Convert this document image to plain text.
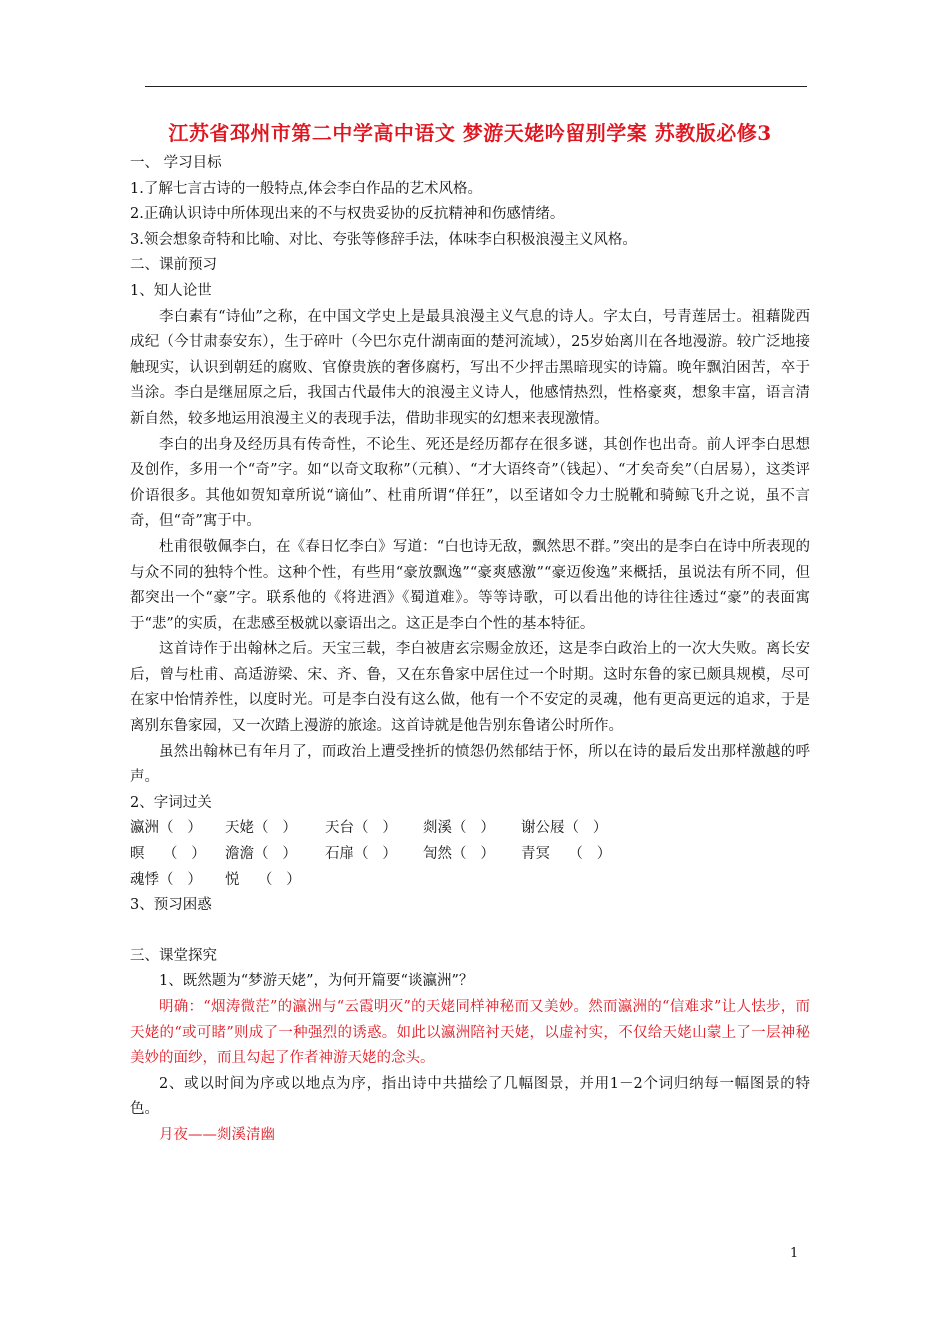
江苏省邳州市第二中学高中语文 梦游天姥吟留别学案 苏教版必修3

一、 学习目标

1.了解七言古诗的一般特点,体会李白作品的艺术风格。

2.正确认识诗中所体现出来的不与权贵妥协的反抗精神和伤感情绪。

3.领会想象奇特和比喻、对比、夸张等修辞手法，体味李白积极浪漫主义风格。

二、课前预习

1、知人论世

李白素有“诗仙”之称，在中国文学史上是最具浪漫主义气息的诗人。字太白，号青莲居士。祖藉陇西成纪（今甘肃泰安东），生于碎叶（今巴尔克什湖南面的楚河流域），25岁始离川在各地漫游。较广泛地接触现实，认识到朝廷的腐败、官僚贵族的奢侈腐朽，写出不少抨击黑暗现实的诗篇。晚年飘泊困苦，卒于当涂。李白是继屈原之后，我国古代最伟大的浪漫主义诗人，他感情热烈，性格豪爽，想象丰富，语言清新自然，较多地运用浪漫主义的表现手法，借助非现实的幻想来表现激情。

李白的出身及经历具有传奇性，不论生、死还是经历都存在很多谜，其创作也出奇。前人评李白思想及创作，多用一个“奇”字。如“以奇文取称”（元稹）、“才大语终奇”（钱起）、“才矣奇矣”（白居易），这类评价语很多。其他如贺知章所说“谪仙”、杜甫所谓“佯狂”，以至诸如令力士脱靴和骑鲸飞升之说，虽不言奇，但“奇”寓于中。

杜甫很敬佩李白，在《春日忆李白》写道：“白也诗无敌，飘然思不群。”突出的是李白在诗中所表现的与众不同的独特个性。这种个性，有些用“豪放飘逸”“豪爽感激”“豪迈俊逸”来概括，虽说法有所不同，但都突出一个“豪”字。联系他的《将进酒》《蜀道难》。等等诗歌，可以看出他的诗往往透过“豪”的表面寓于“悲”的实质，在悲感至极就以豪语出之。这正是李白个性的基本特征。

这首诗作于出翰林之后。天宝三载，李白被唐玄宗赐金放还，这是李白政治上的一次大失败。离长安后，曾与杜甫、高适游梁、宋、齐、鲁，又在东鲁家中居住过一个时期。这时东鲁的家已颇具规模，尽可在家中怡情养性，以度时光。可是李白没有这么做，他有一个不安定的灵魂，他有更高更远的追求，于是离别东鲁家园，又一次踏上漫游的旅途。这首诗就是他告别东鲁诸公时所作。

虽然出翰林已有年月了，而政治上遭受挫折的愤怨仍然郁结于怀，所以在诗的最后发出那样激越的呼声。

2、字词过关

瀛洲（   ）	天姥（   ）	天台（   ）	剡溪（   ）	谢公屐（   ）
暝    （   ）	澹澹（   ）	石扉（   ）	訇然（   ）	青冥    （   ）
魂悸（   ）	悦    （   ）

3、预习困惑

三、课堂探究

1、既然题为“梦游天姥”，为何开篇要“谈瀛洲”？

明确：“烟涛微茫”的瀛洲与“云霞明灭”的天姥同样神秘而又美妙。然而瀛洲的“信难求”让人怯步，而天姥的“或可睹”则成了一种强烈的诱惑。如此以瀛洲陪衬天姥，以虚衬实，不仅给天姥山蒙上了一层神秘美妙的面纱，而且勾起了作者神游天姥的念头。

2、或以时间为序或以地点为序，指出诗中共描绘了几幅图景，并用1－2个词归纳每一幅图景的特色。

月夜——剡溪清幽

1
